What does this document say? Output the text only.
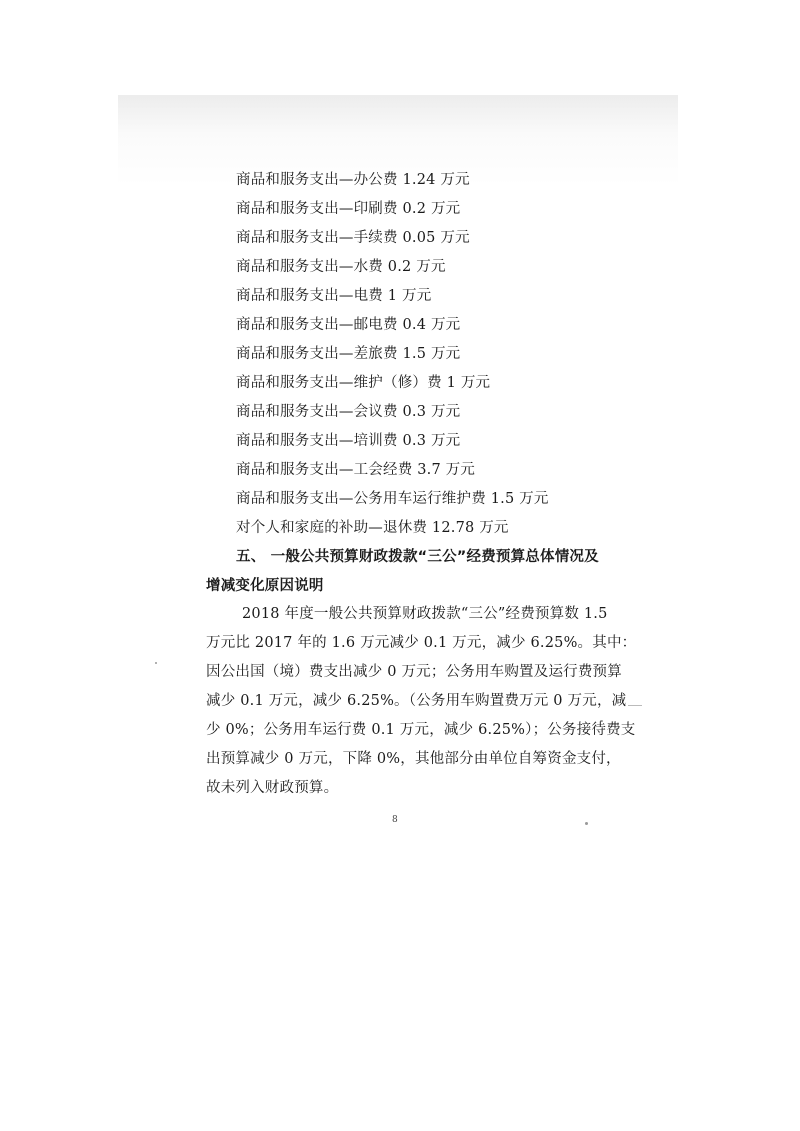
商品和服务支出—办公费 1.24 万元
商品和服务支出—印刷费 0.2 万元
商品和服务支出—手续费 0.05 万元
商品和服务支出—水费 0.2 万元
商品和服务支出—电费 1 万元
商品和服务支出—邮电费 0.4 万元
商品和服务支出—差旅费 1.5 万元
商品和服务支出—维护（修）费 1 万元
商品和服务支出—会议费 0.3 万元
商品和服务支出—培训费 0.3 万元
商品和服务支出—工会经费 3.7 万元
商品和服务支出—公务用车运行维护费 1.5 万元
对个人和家庭的补助—退休费 12.78 万元
五、 一般公共预算财政拨款“三公”经费预算总体情况及
增减变化原因说明
2018 年度一般公共预算财政拨款“三公”经费预算数 1.5
万元比 2017 年的 1.6 万元减少 0.1 万元，减少 6.25%。其中：
因公出国（境）费支出减少 0 万元；公务用车购置及运行费预算
减少 0.1 万元，减少 6.25%。（公务用车购置费万元 0 万元，减
少 0%；公务用车运行费 0.1 万元，减少 6.25%）；公务接待费支
出预算减少 0 万元，下降 0%，其他部分由单位自筹资金支付，
故未列入财政预算。
8
